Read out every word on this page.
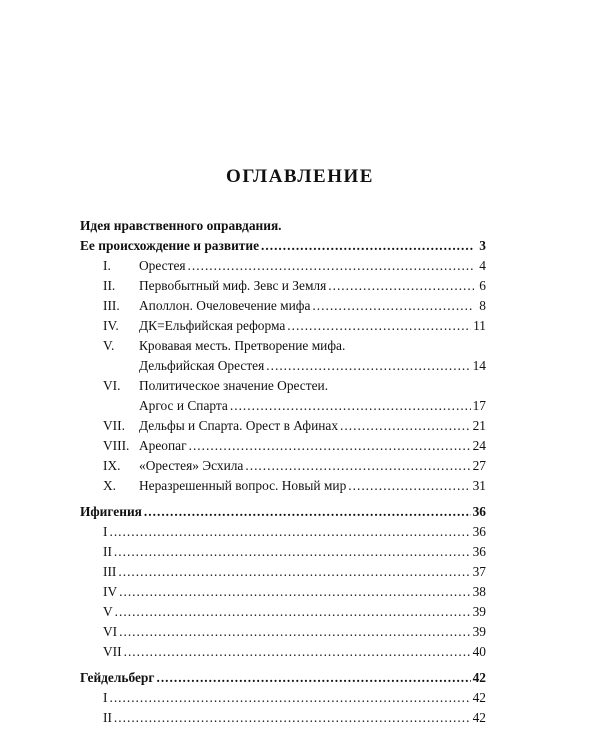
ОГЛАВЛЕНИЕ
Идея нравственного оправдания.
Ее происхождение и развитие .....	3
I.	Орестея .....	4
II.	Первобытный миф. Зевс и Земля .....	6
III.	Аполлон. Очеловечение мифа .....	8
IV.	ДК=Ельфийская реформа .....	11
V.	Кровавая месть. Претворение мифа.
Дельфийская Орестея .....	14
VI.	Политическое значение Орестеи.
Аргос и Спарта .....	17
VII.	Дельфы и Спарта. Орест в Афинах .....	21
VIII. Ареопаг .....	24
IX.	«Орестея» Эсхила .....	27
X.	Неразрешенный вопрос. Новый мир .....	31
Ифигения .....	36
I .....	36
II .....	36
III .....	37
IV .....	38
V .....	39
VI .....	39
VII .....	40
Гейдельберг .....	42
I .....	42
II .....	42
